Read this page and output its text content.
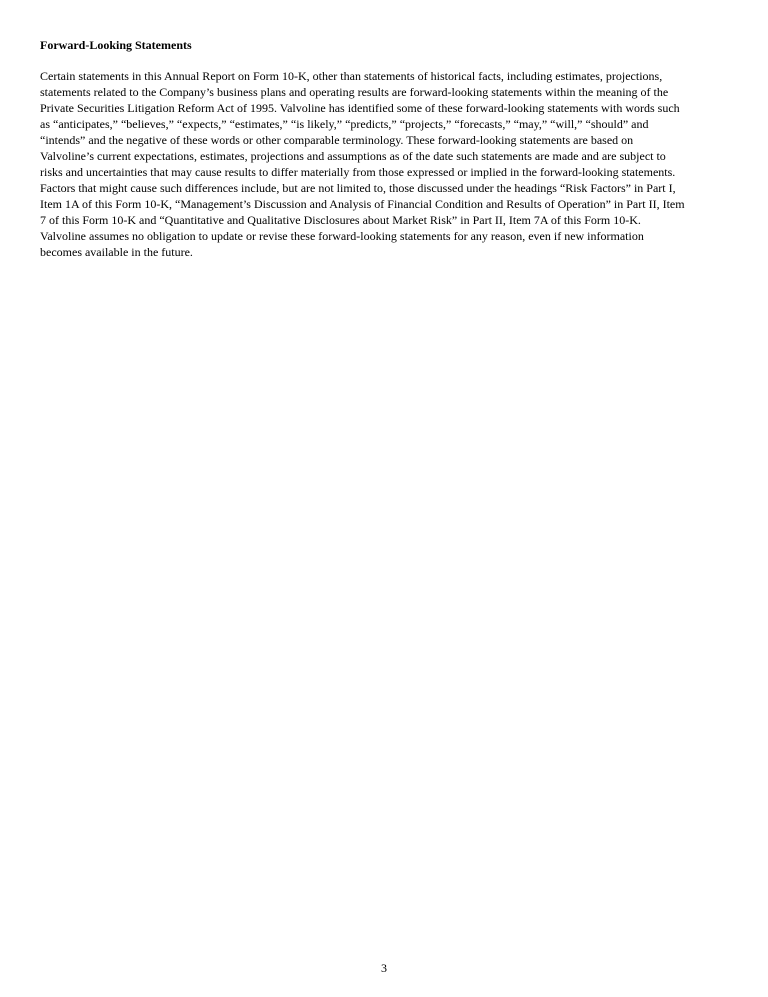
Forward-Looking Statements

Certain statements in this Annual Report on Form 10-K, other than statements of historical facts, including estimates, projections,
statements related to the Company’s business plans and operating results are forward-looking statements within the meaning of the
Private Securities Litigation Reform Act of 1995. Valvoline has identified some of these forward-looking statements with words such
as “anticipates,” “believes,” “expects,” “estimates,” “is likely,” “predicts,” “projects,” “forecasts,” “may,” “will,” “should” and
“intends” and the negative of these words or other comparable terminology. These forward-looking statements are based on
Valvoline’s current expectations, estimates, projections and assumptions as of the date such statements are made and are subject to
risks and uncertainties that may cause results to differ materially from those expressed or implied in the forward-looking statements.
Factors that might cause such differences include, but are not limited to, those discussed under the headings “Risk Factors” in Part I,
Item 1A of this Form 10-K, “Management’s Discussion and Analysis of Financial Condition and Results of Operation” in Part II, Item
7 of this Form 10-K and “Quantitative and Qualitative Disclosures about Market Risk” in Part II, Item 7A of this Form 10-K.
Valvoline assumes no obligation to update or revise these forward-looking statements for any reason, even if new information
becomes available in the future.

3
